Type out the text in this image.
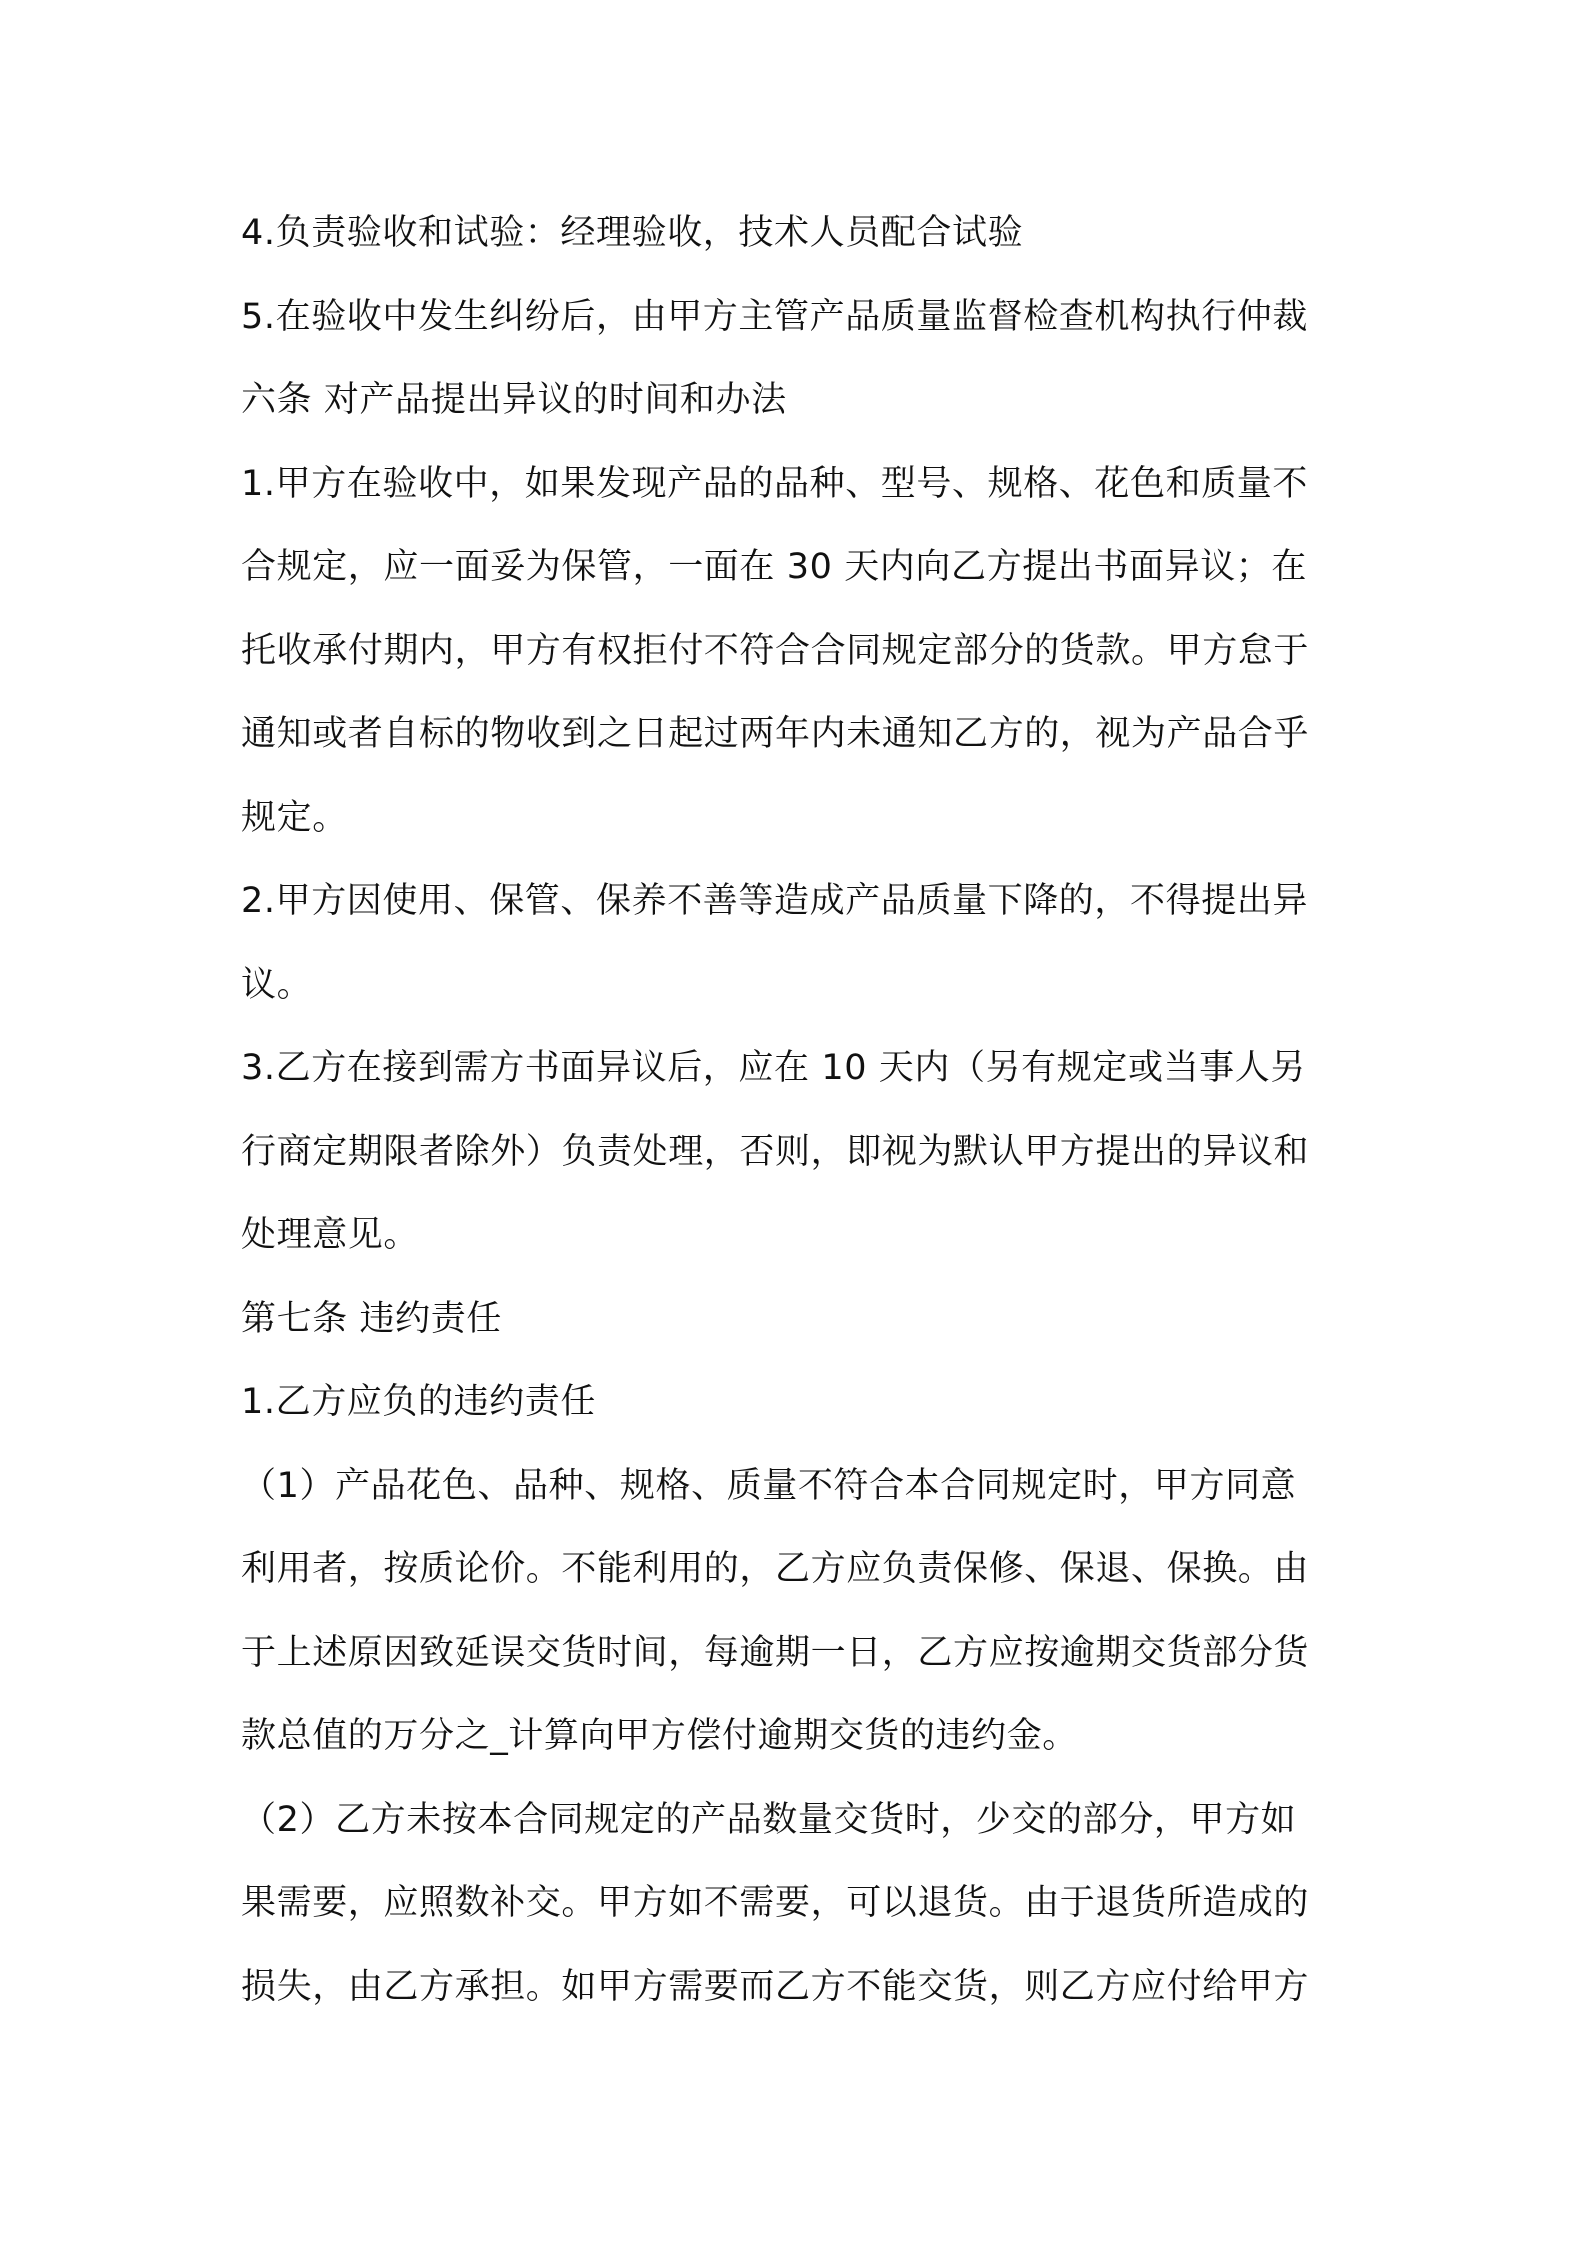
4.负责验收和试验：经理验收，技术人员配合试验
5.在验收中发生纠纷后，由甲方主管产品质量监督检查机构执行仲裁
六条 对产品提出异议的时间和办法
1.甲方在验收中，如果发现产品的品种、型号、规格、花色和质量不
合规定，应一面妥为保管，一面在 30 天内向乙方提出书面异议；在
托收承付期内，甲方有权拒付不符合合同规定部分的货款。甲方怠于
通知或者自标的物收到之日起过两年内未通知乙方的，视为产品合乎
规定。
2.甲方因使用、保管、保养不善等造成产品质量下降的，不得提出异
议。
3.乙方在接到需方书面异议后，应在 10 天内（另有规定或当事人另
行商定期限者除外）负责处理，否则，即视为默认甲方提出的异议和
处理意见。
第七条 违约责任
1.乙方应负的违约责任
（1）产品花色、品种、规格、质量不符合本合同规定时，甲方同意
利用者，按质论价。不能利用的，乙方应负责保修、保退、保换。由
于上述原因致延误交货时间，每逾期一日，乙方应按逾期交货部分货
款总值的万分之_计算向甲方偿付逾期交货的违约金。
（2）乙方未按本合同规定的产品数量交货时，少交的部分，甲方如
果需要，应照数补交。甲方如不需要，可以退货。由于退货所造成的
损失，由乙方承担。如甲方需要而乙方不能交货，则乙方应付给甲方
